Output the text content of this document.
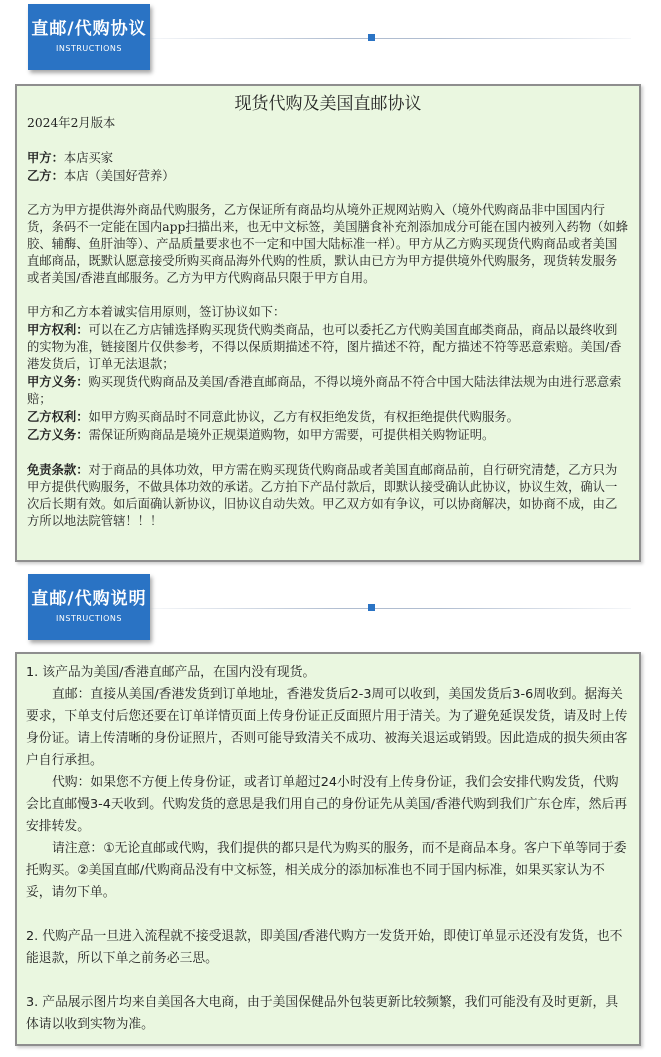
直邮/代购协议
INSTRUCTIONS
现货代购及美国直邮协议

2024年2月版本

甲方：本店买家

乙方：本店（美国好营养）

乙方为甲方提供海外商品代购服务，乙方保证所有商品均从境外正规网站购入（境外代购商品非中国国内行货，条码不一定能在国内app扫描出来，也无中文标签，美国膳食补充剂添加成分可能在国内被列入药物（如蜂胶、辅酶、鱼肝油等）、产品质量要求也不一定和中国大陆标准一样）。甲方从乙方购买现货代购商品或者美国直邮商品，既默认愿意接受所购买商品海外代购的性质，默认由已方为甲方提供境外代购服务，现货转发服务或者美国/香港直邮服务。乙方为甲方代购商品只限于甲方自用。

甲方和乙方本着诚实信用原则，签订协议如下：

甲方权利：可以在乙方店铺选择购买现货代购类商品，也可以委托乙方代购美国直邮类商品，商品以最终收到的实物为准，链接图片仅供参考，不得以保质期描述不符，图片描述不符，配方描述不符等恶意索赔。美国/香港发货后，订单无法退款；

甲方义务：购买现货代购商品及美国/香港直邮商品，不得以境外商品不符合中国大陆法律法规为由进行恶意索赔；

乙方权利：如甲方购买商品时不同意此协议，乙方有权拒绝发货，有权拒绝提供代购服务。

乙方义务：需保证所购商品是境外正规渠道购物，如甲方需要，可提供相关购物证明。

免责条款：对于商品的具体功效，甲方需在购买现货代购商品或者美国直邮商品前，自行研究清楚，乙方只为甲方提供代购服务，不做具体功效的承诺。乙方拍下产品付款后，即默认接受确认此协议，协议生效，确认一次后长期有效。如后面确认新协议，旧协议自动失效。甲乙双方如有争议，可以协商解决，如协商不成，由乙方所以地法院管辖！！！

直邮/代购说明
INSTRUCTIONS

1. 该产品为美国/香港直邮产品，在国内没有现货。

直邮：直接从美国/香港发货到订单地址，香港发货后2-3周可以收到，美国发货后3-6周收到。据海关要求，下单支付后您还要在订单详情页面上传身份证正反面照片用于清关。为了避免延误发货，请及时上传身份证。请上传清晰的身份证照片，否则可能导致清关不成功、被海关退运或销毁。因此造成的损失须由客户自行承担。

代购：如果您不方便上传身份证，或者订单超过24小时没有上传身份证，我们会安排代购发货，代购会比直邮慢3-4天收到。代购发货的意思是我们用自己的身份证先从美国/香港代购到我们广东仓库，然后再安排转发。

请注意：①无论直邮或代购，我们提供的都只是代为购买的服务，而不是商品本身。客户下单等同于委托购买。②美国直邮/代购商品没有中文标签，相关成分的添加标准也不同于国内标准，如果买家认为不妥，请勿下单。

2. 代购产品一旦进入流程就不接受退款，即美国/香港代购方一发货开始，即使订单显示还没有发货，也不能退款，所以下单之前务必三思。

3. 产品展示图片均来自美国各大电商，由于美国保健品外包装更新比较频繁，我们可能没有及时更新，具体请以收到实物为准。
